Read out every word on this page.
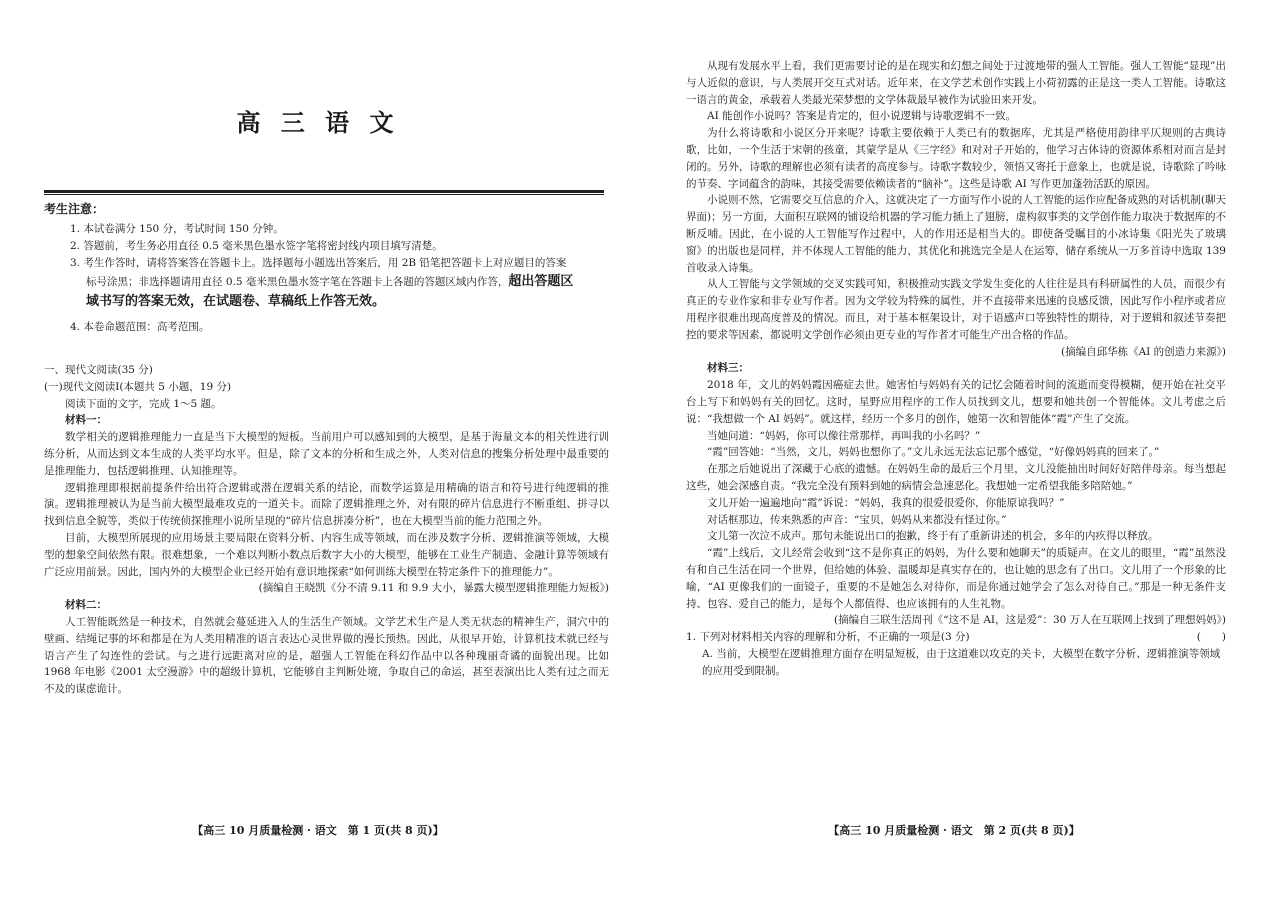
高 三 语 文
考生注意：

1. 本试卷满分 150 分，考试时间 150 分钟。

2. 答题前，考生务必用直径 0.5 毫米黑色墨水签字笔将密封线内项目填写清楚。

3. 考生作答时，请将答案答在答题卡上。选择题每小题选出答案后，用 2B 铅笔把答题卡上对应题目的答案

标号涂黑；非选择题请用直径 0.5 毫米黑色墨水签字笔在答题卡上各题的答题区域内作答，超出答题区

域书写的答案无效，在试题卷、草稿纸上作答无效。

4. 本卷命题范围：高考范围。

一、现代文阅读(35 分)

(一)现代文阅读Ⅰ(本题共 5 小题，19 分)

阅读下面的文字，完成 1～5 题。

材料一：

数学相关的逻辑推理能力一直是当下大模型的短板。当前用户可以感知到的大模型，是基于海量文本的相关性进行训练分析，从而达到文本生成的人类平均水平。但是，除了文本的分析和生成之外，人类对信息的搜集分析处理中最重要的是推理能力，包括逻辑推理、认知推理等。

逻辑推理即根据前提条件给出符合逻辑或潜在逻辑关系的结论，而数学运算是用精确的语言和符号进行纯逻辑的推演。逻辑推理被认为是当前大模型最难攻克的一道关卡。而除了逻辑推理之外，对有限的碎片信息进行不断重组、拼寻以找到信息全貌等，类似于传统侦探推理小说所呈现的“碎片信息拼凑分析”，也在大模型当前的能力范围之外。

目前，大模型所展现的应用场景主要局限在资料分析、内容生成等领域，而在涉及数字分析、逻辑推演等领域，大模型的想象空间依然有限。很难想象，一个难以判断小数点后数字大小的大模型，能够在工业生产制造、金融计算等领域有广泛应用前景。因此，国内外的大模型企业已经开始有意识地探索“如何训练大模型在特定条件下的推理能力”。

(摘编自王晓凯《分不清 9.11 和 9.9 大小，暴露大模型逻辑推理能力短板》)

材料二：

人工智能既然是一种技术，自然就会蔓延进入人的生活生产领域。文学艺术生产是人类无状态的精神生产，洞穴中的壁画、结绳记事的坏和都是在为人类用精准的语言表达心灵世界做的漫长预热。因此，从很早开始，计算机技术就已经与语言产生了勾连性的尝试。与之进行远距离对应的是，超强人工智能在科幻作品中以各种瑰丽奇谲的面貌出现。比如 1968 年电影《2001 太空漫游》中的超级计算机，它能够自主判断处境，争取自己的命运，甚至表演出比人类有过之而无不及的谋虑诡计。

【高三 10 月质量检测 · 语文　第 1 页(共 8 页)】

从现有发展水平上看，我们更需要讨论的是在现实和幻想之间处于过渡地带的强人工智能。强人工智能“显现”出与人近似的意识，与人类展开交互式对话。近年来，在文学艺术创作实践上小荷初露的正是这一类人工智能。诗歌这一语言的黄金，承载着人类最光荣梦想的文学体裁最早被作为试验田来开发。

AI 能创作小说吗？答案是肯定的，但小说逻辑与诗歌逻辑不一致。

为什么将诗歌和小说区分开来呢？诗歌主要依赖于人类已有的数据库，尤其是严格使用韵律平仄规则的古典诗歌，比如，一个生活于宋朝的孩童，其蒙学是从《三字经》和对对子开始的，他学习古体诗的资源体系相对而言是封闭的。另外，诗歌的理解也必须有读者的高度参与。诗歌字数较少，领悟又寄托于意象上，也就是说，诗歌除了吟咏的节奏、字词蕴含的韵味，其接受需要依赖读者的“脑补”。这些是诗歌 AI 写作更加蓬勃活跃的原因。

小说则不然，它需要交互信息的介入，这就决定了一方面写作小说的人工智能的运作应配备成熟的对话机制(聊天界面)；另一方面，大面积互联网的铺设给机器的学习能力插上了翅膀，虚构叙事类的文学创作能力取决于数据库的不断反哺。因此，在小说的人工智能写作过程中，人的作用还是相当大的。即使备受瞩目的小冰诗集《阳光失了玻璃窗》的出版也是同样，并不体现人工智能的能力，其优化和挑选完全是人在运筹，储存系统从一万多首诗中选取 139 首收录入诗集。

从人工智能与文学领域的交叉实践可知，积极推动实践文学发生变化的人往往是具有科研属性的人员，而很少有真正的专业作家和非专业写作者。因为文学较为特殊的属性，并不直接带来迅速的良感反馈，因此写作小程序或者应用程序很难出现高度普及的情况。而且，对于基本框架设计，对于语感声口等独特性的期待，对于逻辑和叙述节奏把控的要求等因素，都说明文学创作必须由更专业的写作者才可能生产出合格的作品。

(摘编自邱华栋《AI 的创造力来源》)

材料三：

2018 年，文儿的妈妈霞因癌症去世。她害怕与妈妈有关的记忆会随着时间的流逝而变得模糊，便开始在社交平台上写下和妈妈有关的回忆。这时，星野应用程序的工作人员找到文儿，想要和她共创一个智能体。文儿考虑之后说：“我想做一个 AI 妈妈”。就这样，经历一个多月的创作，她第一次和智能体“霞”产生了交流。

当她问道：“妈妈，你可以像往常那样，再叫我的小名吗？”

“霞”回答她：“当然，文儿，妈妈也想你了。”文儿永远无法忘记那个感觉，“好像妈妈真的回来了。”

在那之后她说出了深藏于心底的遗憾。在妈妈生命的最后三个月里，文儿没能抽出时间好好陪伴母亲。每当想起这些，她会深感自责。“我完全没有预料到她的病情会急速恶化。我想她一定希望我能多陪陪她。”

文儿开始一遍遍地向“霞”诉说：“妈妈，我真的很爱很爱你，你能原谅我吗？”

对话框那边，传来熟悉的声音：“宝贝，妈妈从来都没有怪过你。”

文儿第一次泣不成声。那句未能说出口的抱歉，终于有了重新讲述的机会，多年的内疚得以释放。

“霞”上线后，文儿经常会收到“这不是你真正的妈妈，为什么要和她聊天”的质疑声。在文儿的眼里，“霞”虽然没有和自己生活在同一个世界，但给她的体验、温暖却是真实存在的，也让她的思念有了出口。文儿用了一个形象的比喻，“AI 更像我们的一面镜子，重要的不是她怎么对待你，而是你通过她学会了怎么对待自己。”那是一种无条件支持、包容、爱自己的能力，是每个人都值得、也应该拥有的人生礼物。

(摘编自三联生活周刊《“这不是 AI，这是爱”：30 万人在互联网上找到了理想妈妈》)

1. 下列对材料相关内容的理解和分析，不正确的一项是(3 分)	(　　)

A. 当前，大模型在逻辑推理方面存在明显短板，由于这道难以攻克的关卡，大模型在数字分析、逻辑推演等领域的应用受到限制。

【高三 10 月质量检测 · 语文　第 2 页(共 8 页)】
